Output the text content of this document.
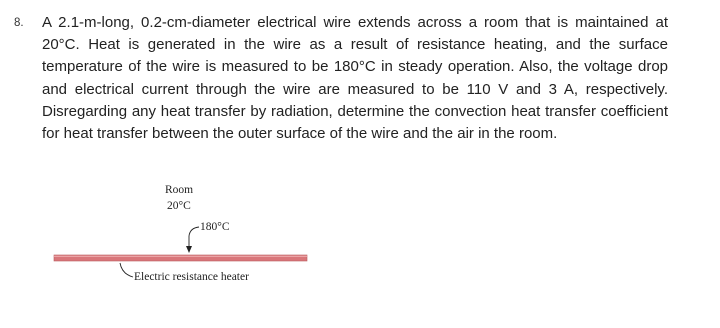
8. A 2.1-m-long, 0.2-cm-diameter electrical wire extends across a room that is maintained at 20°C. Heat is generated in the wire as a result of resistance heating, and the surface temperature of the wire is measured to be 180°C in steady operation. Also, the voltage drop and electrical current through the wire are measured to be 110 V and 3 A, respectively. Disregarding any heat transfer by radiation, determine the convection heat transfer coefficient for heat transfer between the outer surface of the wire and the air in the room.

Room
20°C
180°C
Electric resistance heater
